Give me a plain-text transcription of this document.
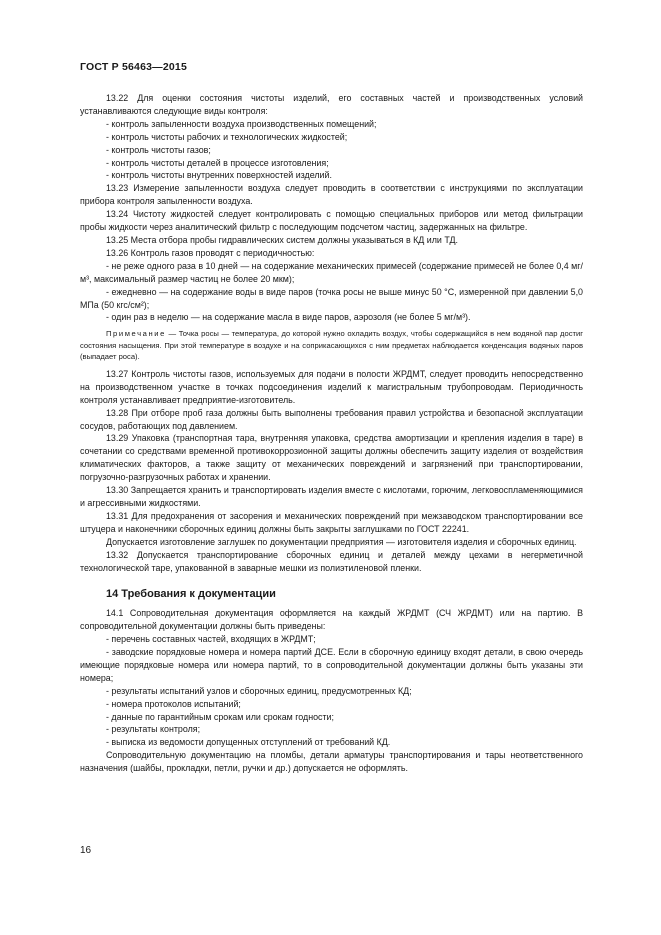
ГОСТ Р 56463—2015

13.22 Для оценки состояния чистоты изделий, его составных частей и производственных условий устанавливаются следующие виды контроля:

- контроль запыленности воздуха производственных помещений;

- контроль чистоты рабочих и технологических жидкостей;

- контроль чистоты газов;

- контроль чистоты деталей в процессе изготовления;

- контроль чистоты внутренних поверхностей изделий.

13.23 Измерение запыленности воздуха следует проводить в соответствии с инструкциями по эксплуатации прибора контроля запыленности воздуха.

13.24 Чистоту жидкостей следует контролировать с помощью специальных приборов или метод фильтрации пробы жидкости через аналитический фильтр с последующим подсчетом частиц, задержанных на фильтре.

13.25 Места отбора пробы гидравлических систем должны указываться в КД или ТД.

13.26 Контроль газов проводят с периодичностью:

- не реже одного раза в 10 дней — на содержание механических примесей (содержание примесей не более 0,4 мг/м³, максимальный размер частиц не более 20 мкм);

- ежедневно — на содержание воды в виде паров (точка росы не выше минус 50 °С, измеренной при давлении 5,0 МПа (50 кгс/см²);

- один раз в неделю — на содержание масла в виде паров, аэрозоля (не более 5 мг/м³).

Примечание — Точка росы — температура, до которой нужно охладить воздух, чтобы содержащийся в нем водяной пар достиг состояния насыщения. При этой температуре в воздухе и на соприкасающихся с ним предметах наблюдается конденсация водяных паров (выпадает роса).

13.27 Контроль чистоты газов, используемых для подачи в полости ЖРДМТ, следует проводить непосредственно на производственном участке в точках подсоединения изделий к магистральным трубопроводам. Периодичность контроля устанавливает предприятие-изготовитель.

13.28 При отборе проб газа должны быть выполнены требования правил устройства и безопасной эксплуатации сосудов, работающих под давлением.

13.29 Упаковка (транспортная тара, внутренняя упаковка, средства амортизации и крепления изделия в таре) в сочетании со средствами временной противокоррозионной защиты должны обеспечить защиту изделия от воздействия климатических факторов, а также защиту от механических повреждений и загрязнений при транспортировании, погрузочно-разгрузочных работах и хранении.

13.30 Запрещается хранить и транспортировать изделия вместе с кислотами, горючим, легковоспламеняющимися и агрессивными жидкостями.

13.31 Для предохранения от засорения и механических повреждений при межзаводском транспортировании все штуцера и наконечники сборочных единиц должны быть закрыты заглушками по ГОСТ 22241.

Допускается изготовление заглушек по документации предприятия — изготовителя изделия и сборочных единиц.

13.32 Допускается транспортирование сборочных единиц и деталей между цехами в негерметичной технологической таре, упакованной в заварные мешки из полиэтиленовой пленки.

14 Требования к документации

14.1 Сопроводительная документация оформляется на каждый ЖРДМТ (СЧ ЖРДМТ) или на партию. В сопроводительной документации должны быть приведены:

- перечень составных частей, входящих в ЖРДМТ;

- заводские порядковые номера и номера партий ДСЕ. Если в сборочную единицу входят детали, в свою очередь имеющие порядковые номера или номера партий, то в сопроводительной документации должны быть указаны эти номера;

- результаты испытаний узлов и сборочных единиц, предусмотренных КД;

- номера протоколов испытаний;

- данные по гарантийным срокам или срокам годности;

- результаты контроля;

- выписка из ведомости допущенных отступлений от требований КД.

Сопроводительную документацию на пломбы, детали арматуры транспортирования и тары неответственного назначения (шайбы, прокладки, петли, ручки и др.) допускается не оформлять.

16
